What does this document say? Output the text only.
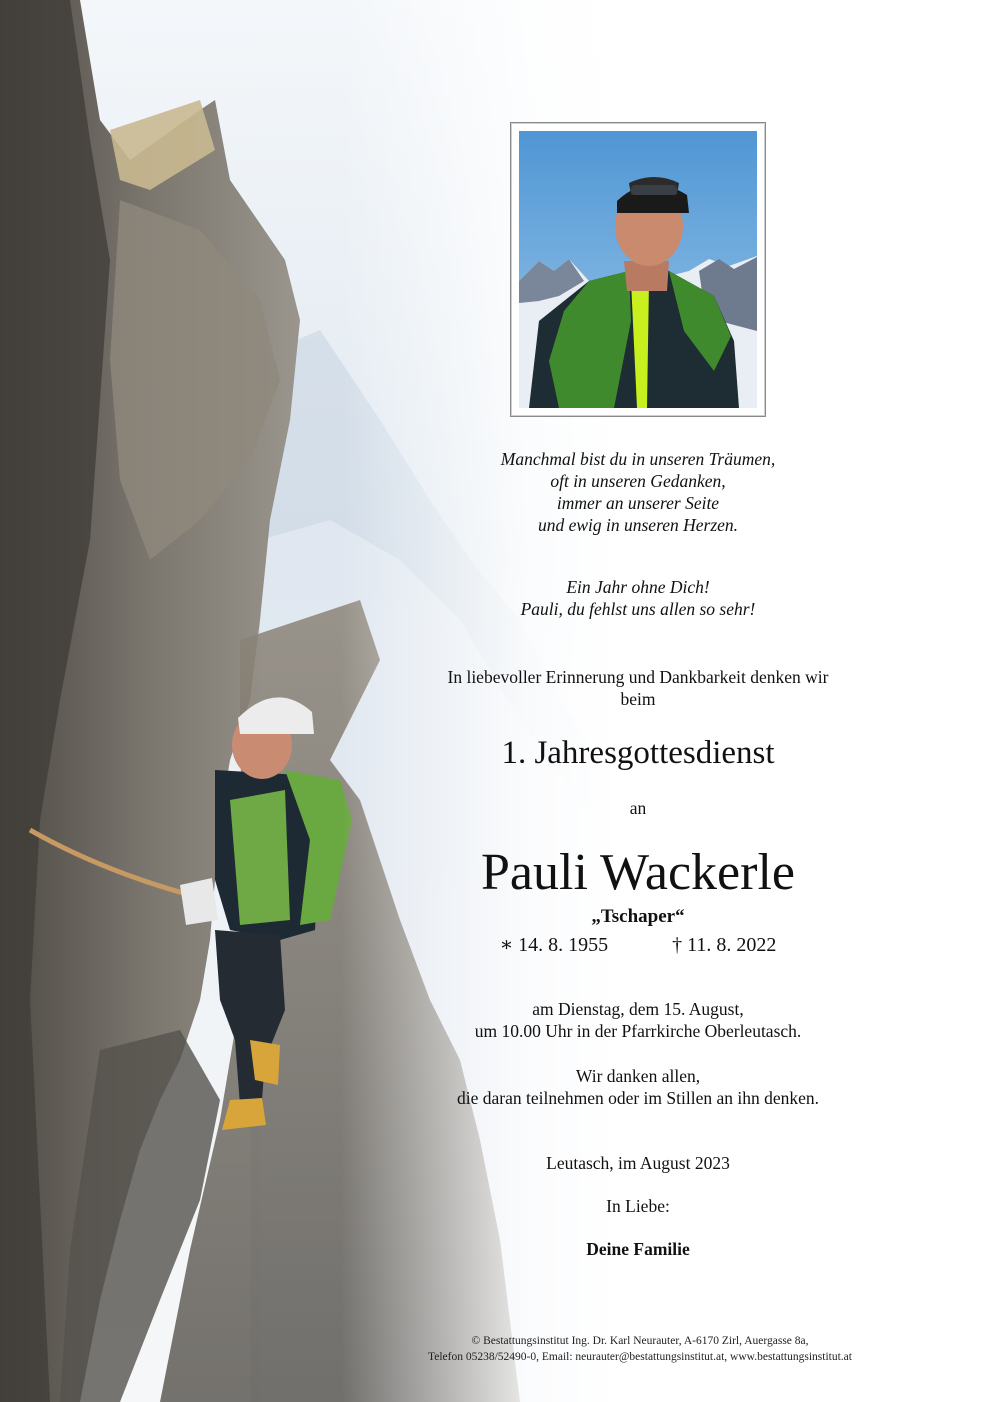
Manchmal bist du in unseren Träumen,
oft in unseren Gedanken,
immer an unserer Seite
und ewig in unseren Herzen.
Ein Jahr ohne Dich!
Pauli, du fehlst uns allen so sehr!
In liebevoller Erinnerung und Dankbarkeit denken wir
beim
1. Jahresgottesdienst
an
Pauli Wackerle
„Tschaper“
∗ 14. 8. 1955	† 11. 8. 2022
am Dienstag, dem 15. August,
um 10.00 Uhr in der Pfarrkirche Oberleutasch.
Wir danken allen,
die daran teilnehmen oder im Stillen an ihn denken.
Leutasch, im August 2023
In Liebe:
Deine Familie
© Bestattungsinstitut Ing. Dr. Karl Neurauter, A-6170 Zirl, Auergasse 8a,
Telefon 05238/52490-0, Email: neurauter@bestattungsinstitut.at, www.bestattungsinstitut.at
